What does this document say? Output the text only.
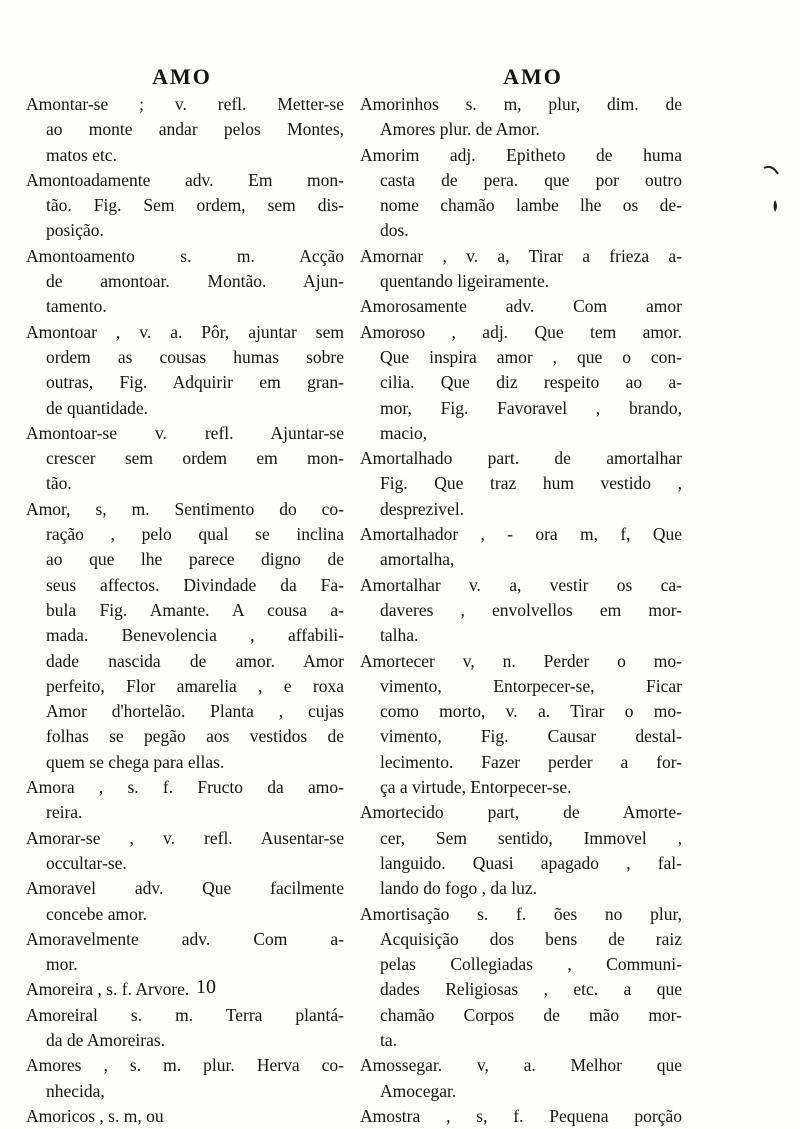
AMO
Amontar-se ; v. refl. Metter-se
ao monte andar pelos Montes,
matos etc.
Amontoadamente adv. Em mon-
tão. Fig. Sem ordem, sem dis-
posição.
Amontoamento s. m. Acção
de amontoar. Montão. Ajun-
tamento.
Amontoar , v. a. Pôr, ajuntar sem
ordem as cousas humas sobre
outras, Fig. Adquirir em gran-
de quantidade.
Amontoar-se v. refl. Ajuntar-se
crescer sem ordem em mon-
tão.
Amor, s, m. Sentimento do co-
ração , pelo qual se inclina
ao que lhe parece digno de
seus affectos. Divindade da Fa-
bula Fig. Amante. A cousa a-
mada. Benevolencia , affabili-
dade nascida de amor. Amor
perfeito, Flor amarelia , e roxa
Amor d'hortelão. Planta , cujas
folhas se pegão aos vestidos de
quem se chega para ellas.
Amora , s. f. Fructo da amo-
reira.
Amorar-se , v. refl. Ausentar-se
occultar-se.
Amoravel adv. Que facilmente
concebe amor.
Amoravelmente adv. Com a-
mor.
Amoreira , s. f. Arvore.
Amoreiral s. m. Terra plantá-
da de Amoreiras.
Amores , s. m. plur. Herva co-
nhecida,
Amoricos , s. m, ou
AMO
Amorinhos s. m, plur, dim. de
Amores plur. de Amor.
Amorim adj. Epitheto de huma
casta de pera. que por outro
nome chamão lambe lhe os de-
dos.
Amornar , v. a, Tirar a frieza a-
quentando ligeiramente.
Amorosamente adv. Com amor
Amoroso , adj. Que tem amor.
Que inspira amor , que o con-
cilia. Que diz respeito ao a-
mor, Fig. Favoravel , brando,
macio,
Amortalhado part. de amortalhar
Fig. Que traz hum vestido ,
desprezivel.
Amortalhador , - ora m, f, Que
amortalha,
Amortalhar v. a, vestir os ca-
daveres , envolvellos em mor-
talha.
Amortecer v, n. Perder o mo-
vimento, Entorpecer-se, Ficar
como morto, v. a. Tirar o mo-
vimento, Fig. Causar destal-
lecimento. Fazer perder a for-
ça a virtude, Entorpecer-se.
Amortecido part, de Amorte-
cer, Sem sentido, Immovel ,
languido. Quasi apagado , fal-
lando do fogo , da luz.
Amortisação s. f. ões no plur,
Acquisição dos bens de raiz
pelas Collegiadas , Communi-
dades Religiosas , etc. a que
chamão Corpos de mão mor-
ta.
Amossegar. v, a. Melhor que
Amocegar.
Amostra , s, f. Pequena porção
10
